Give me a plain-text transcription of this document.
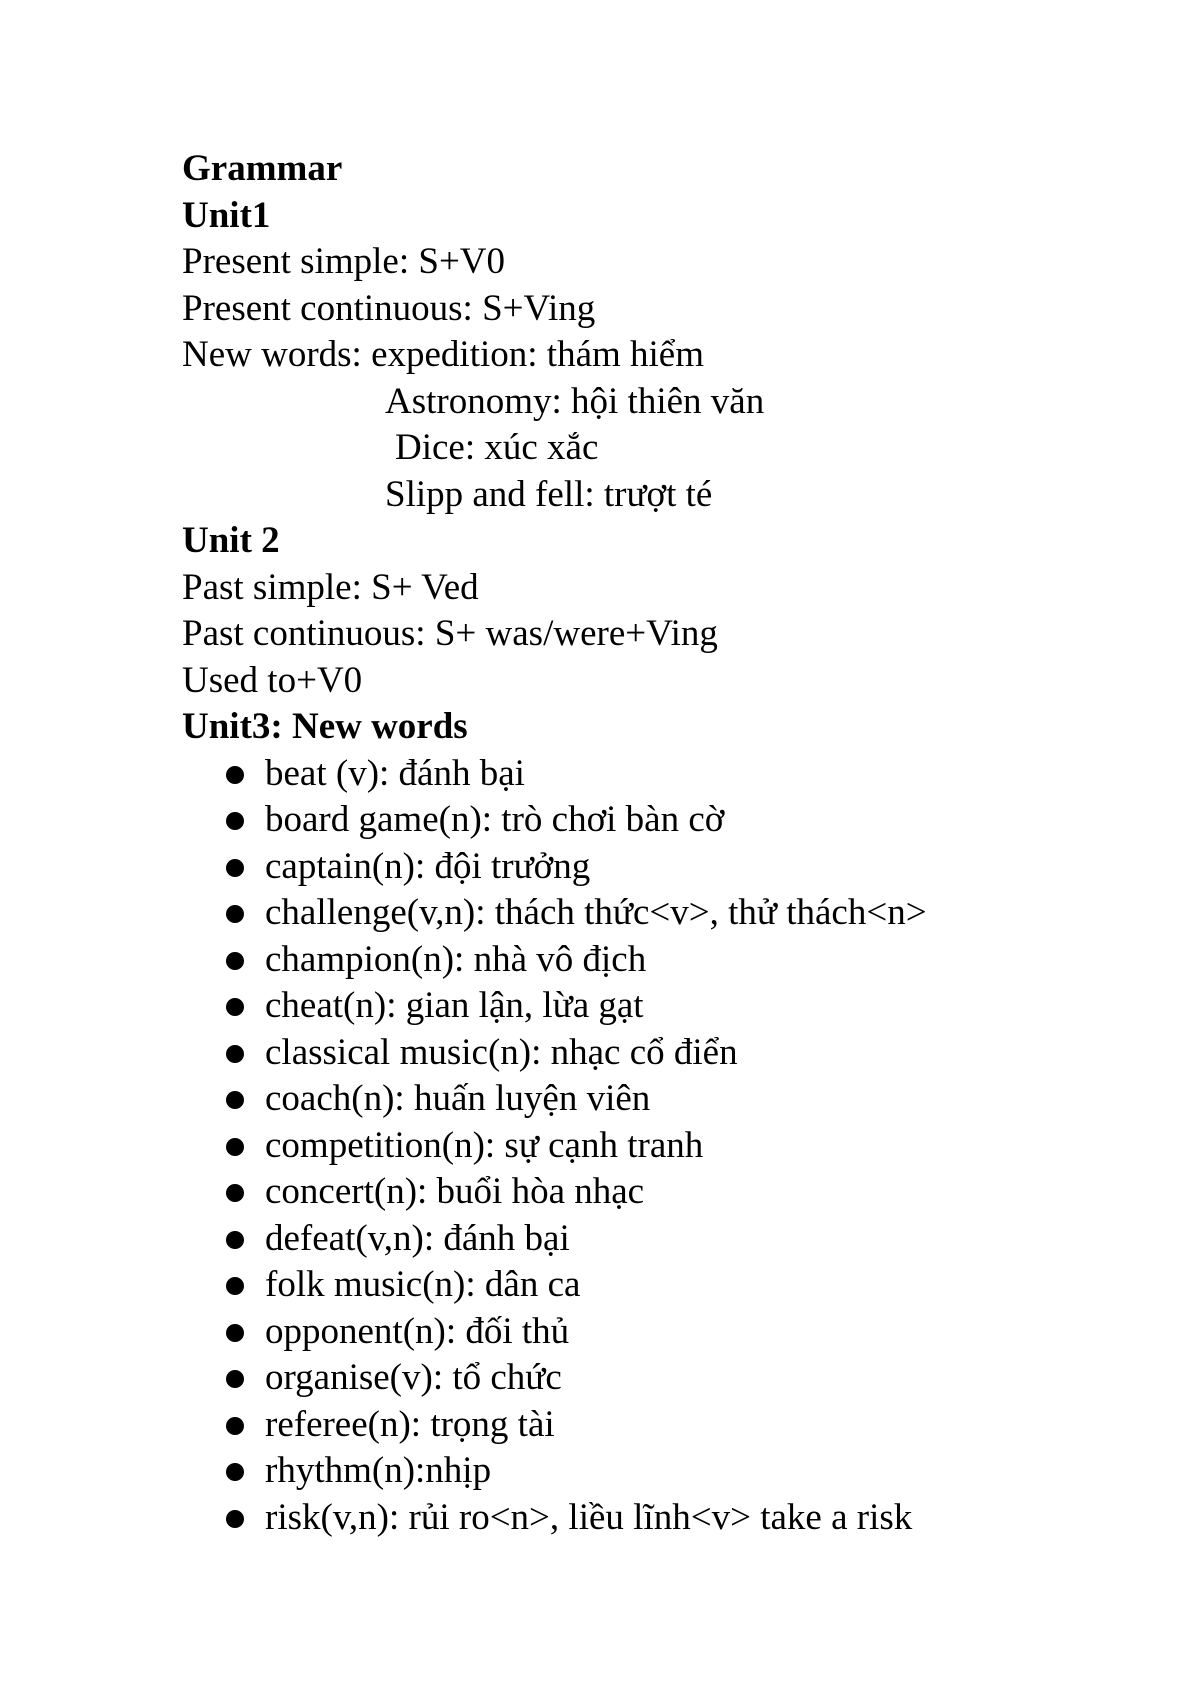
Grammar
Unit1
Present simple: S+V0
Present continuous: S+Ving
New words: expedition: thám hiểm
Astronomy: hội thiên văn
Dice: xúc xắc
Slipp and fell: trượt té
Unit 2
Past simple: S+ Ved
Past continuous: S+ was/were+Ving
Used to+V0
Unit3: New words
beat (v): đánh bại
board game(n): trò chơi bàn cờ
captain(n): đội trưởng
challenge(v,n): thách thức<v>, thử thách<n>
champion(n): nhà vô địch
cheat(n): gian lận, lừa gạt
classical music(n): nhạc cổ điển
coach(n): huấn luyện viên
competition(n): sự cạnh tranh
concert(n): buổi hòa nhạc
defeat(v,n): đánh bại
folk music(n): dân ca
opponent(n): đối thủ
organise(v): tổ chức
referee(n): trọng tài
rhythm(n):nhịp
risk(v,n): rủi ro<n>, liều lĩnh<v> take a risk
